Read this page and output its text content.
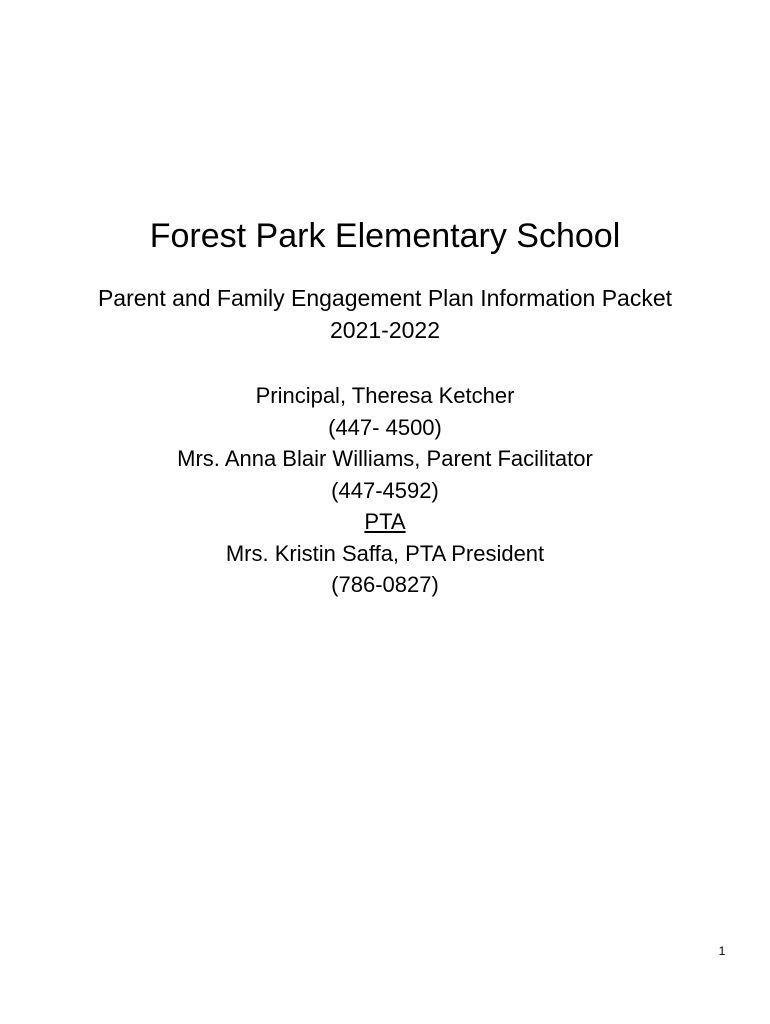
Forest Park Elementary School
Parent and Family Engagement Plan Information Packet
2021-2022
Principal, Theresa Ketcher
(447- 4500)
Mrs. Anna Blair Williams, Parent Facilitator
(447-4592)
PTA
Mrs. Kristin Saffa, PTA President
(786-0827)
1
